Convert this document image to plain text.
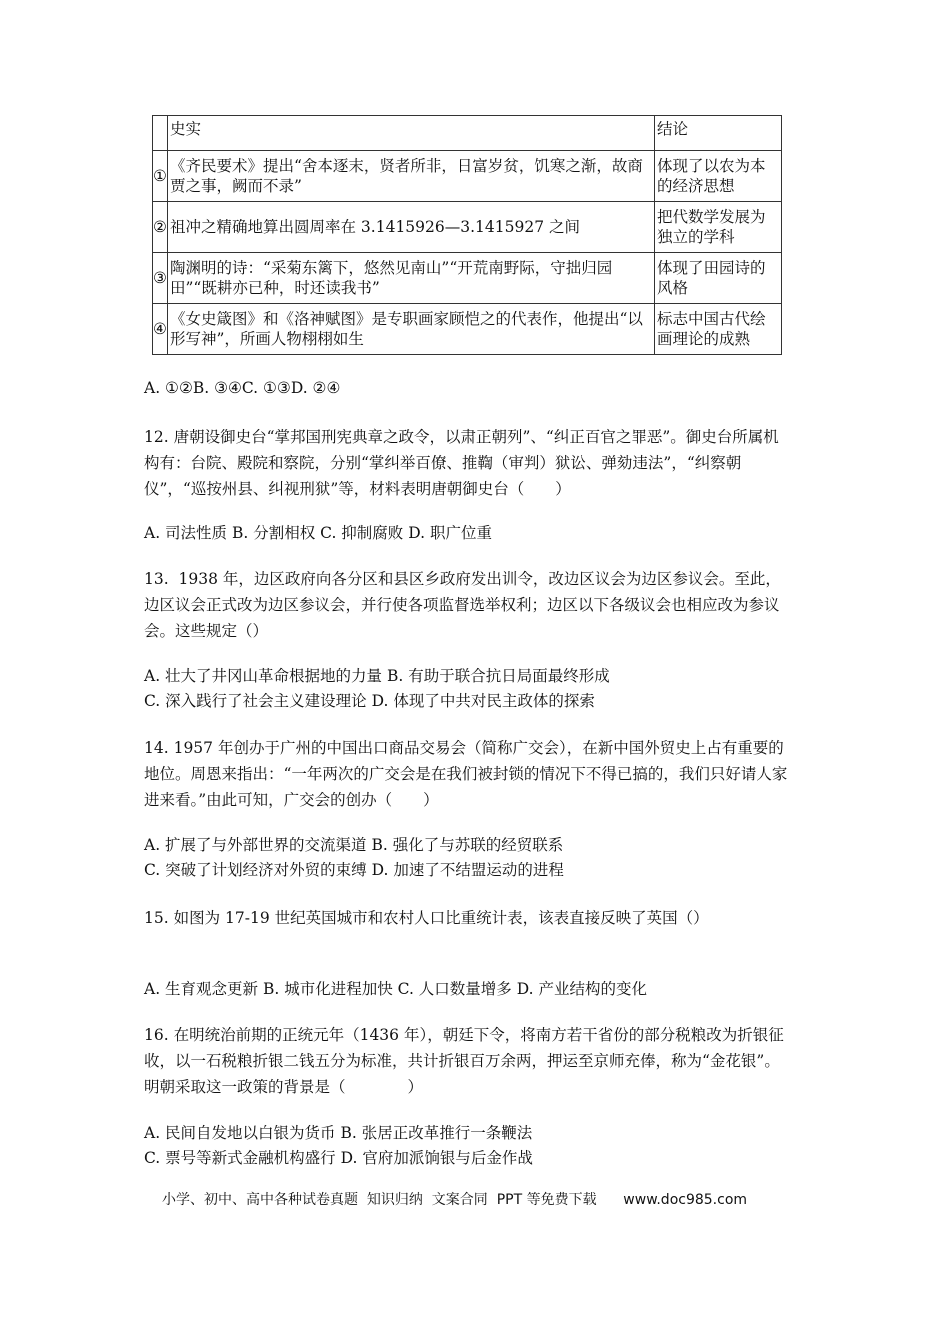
	史实	结论
①	《齐民要术》提出“舍本逐末，贤者所非，日富岁贫，饥寒之渐，故商贾之事，阙而不录”	体现了以农为本的经济思想
②	祖冲之精确地算出圆周率在 3.1415926—3.1415927 之间	把代数学发展为独立的学科
③	陶渊明的诗：“采菊东篱下，悠然见南山”“开荒南野际，守拙归园田”“既耕亦已种，时还读我书”	体现了田园诗的风格
④	《女史箴图》和《洛神赋图》是专职画家顾恺之的代表作，他提出“以形写神”，所画人物栩栩如生	标志中国古代绘画理论的成熟
A. ①②B. ③④C. ①③D. ②④
12. 唐朝设御史台“掌邦国刑宪典章之政令，以肃正朝列”、“纠正百官之罪恶”。御史台所属机构有：台院、殿院和察院，分别“掌纠举百僚、推鞫（审判）狱讼、弹劾违法”，“纠察朝仪”，“巡按州县、纠视刑狱”等，材料表明唐朝御史台（　　）
A. 司法性质 B. 分割相权 C. 抑制腐败 D. 职广位重
13.  1938 年，边区政府向各分区和县区乡政府发出训令，改边区议会为边区参议会。至此，边区议会正式改为边区参议会，并行使各项监督选举权利；边区以下各级议会也相应改为参议会。这些规定（）
A. 壮大了井冈山革命根据地的力量 B. 有助于联合抗日局面最终形成
C. 深入践行了社会主义建设理论 D. 体现了中共对民主政体的探索
14. 1957 年创办于广州的中国出口商品交易会（简称广交会），在新中国外贸史上占有重要的地位。周恩来指出：“一年两次的广交会是在我们被封锁的情况下不得已搞的，我们只好请人家进来看。”由此可知，广交会的创办（　　）
A. 扩展了与外部世界的交流渠道 B. 强化了与苏联的经贸联系
C. 突破了计划经济对外贸的束缚 D. 加速了不结盟运动的进程
15. 如图为 17-19 世纪英国城市和农村人口比重统计表，该表直接反映了英国（）
A. 生育观念更新 B. 城市化进程加快 C. 人口数量增多 D. 产业结构的变化
16. 在明统治前期的正统元年（1436 年），朝廷下令，将南方若干省份的部分税粮改为折银征收，以一石税粮折银二钱五分为标准，共计折银百万余两，押运至京师充俸，称为“金花银”。明朝采取这一政策的背景是（　　　　）
A. 民间自发地以白银为货币 B. 张居正改革推行一条鞭法
C. 票号等新式金融机构盛行 D. 官府加派饷银与后金作战
小学、初中、高中各种试卷真题  知识归纳  文案合同  PPT 等免费下载      www.doc985.com
